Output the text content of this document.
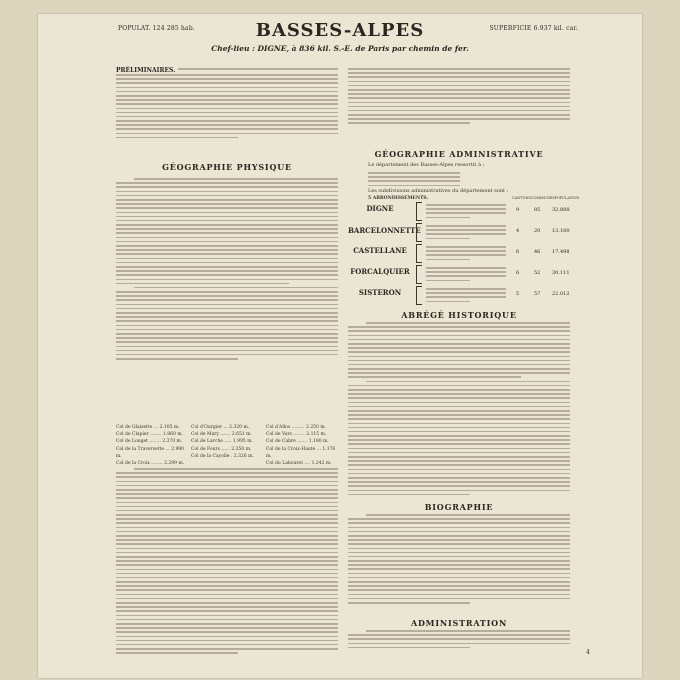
POPULAT. 124 285 hab.	BASSES-ALPES	SUPERFICIE 6.937 kil. car.
Chef-lieu : DIGNE, à 836 kil. S.-E. de Paris par chemin de fer.
PRÉLIMINAIRES.
GÉOGRAPHIE PHYSIQUE
Col de Glaizette ... 2.105 m.
Col de Clapier ........ 1.860 m.
Col de Longet ........ 2.370 m.
Col de la Traversette ... 2.990 m.
Col de la Croix ........ 2.299 m.
Col d'Ourgier ... 2.320 m.
Col de Mary ....... 2.651 m.
Col de Larche ..... 1.995 m.
Col de Fours ...... 2.350 m.
Col de la Cayolle . 2.326 m.
Col d'Allos ......... 2.250 m.
Col de Vars ........ 2.115 m.
Col de Cabre ....... 1.180 m.
Col de la Croix-Haute ... 1.176 m.
Col du Labouret .... 1.242 m.
GÉOGRAPHIE ADMINISTRATIVE
Le département des Basses-Alpes ressortit à :
Les subdivisions administratives du département sont :
5 ARRONDISSEMENTS.	CANTONS COMMUNES POPULATION
DIGNE	9	85 32.888
BARCELONNETTE	4	20 13.180
CASTELLANE	6	46 17.498
FORCALQUIER	6	52 30.111
SISTERON	5	57 22.012
ABRÉGÉ HISTORIQUE
BIOGRAPHIE
ADMINISTRATION
4
